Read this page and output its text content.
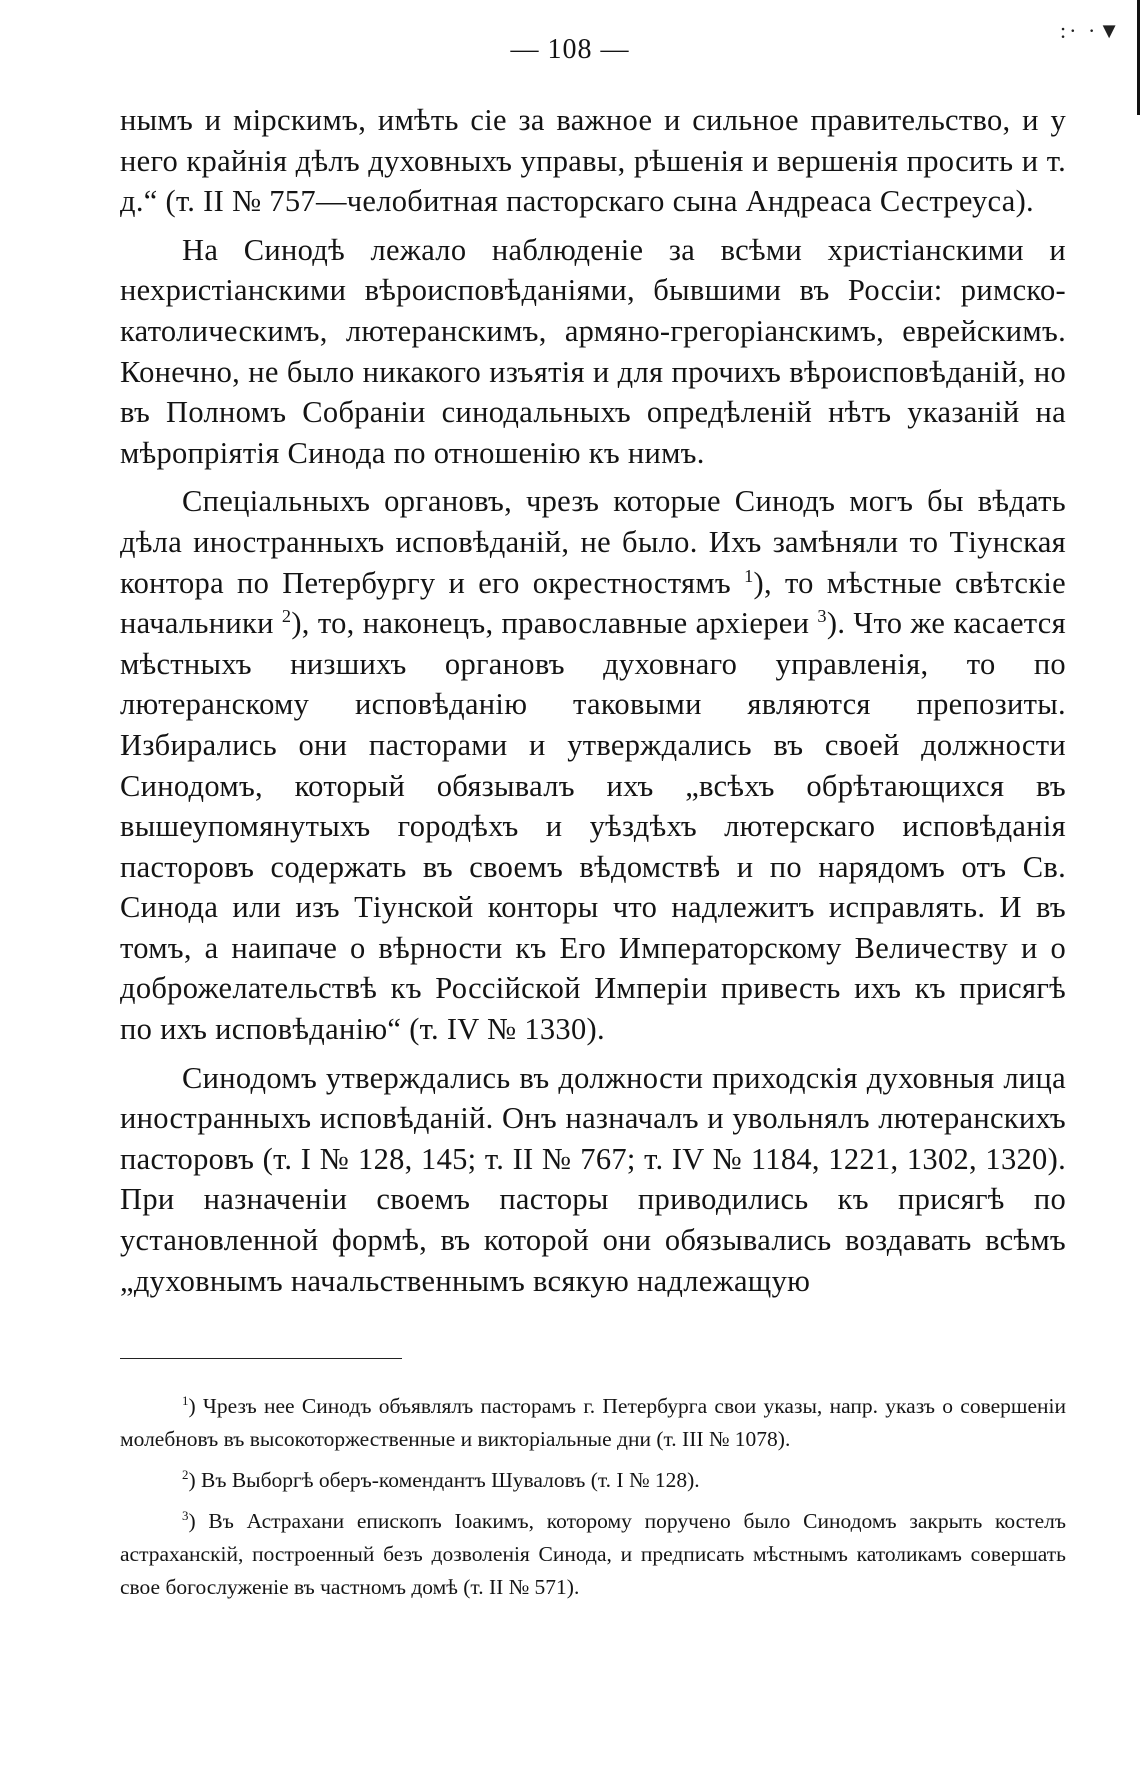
:· ·▼
— 108 —

нымъ и мірскимъ, имѣть сіе за важное и сильное правительство, и у него крайнія дѣлъ духовныхъ управы, рѣшенія и вершенія просить и т. д.“ (т. II № 757—челобитная пасторскаго сына Андреаса Сестреуса).

На Синодѣ лежало наблюденіе за всѣми христіанскими и нехристіанскими вѣроисповѣданіями, бывшими въ Россіи: римско-католическимъ, лютеранскимъ, армяно-грегоріанскимъ, еврейскимъ. Конечно, не было никакого изъятія и для прочихъ вѣроисповѣданій, но въ Полномъ Собраніи синодальныхъ опредѣленій нѣтъ указаній на мѣропріятія Синода по отношенію къ нимъ.

Спеціальныхъ органовъ, чрезъ которые Синодъ могъ бы вѣдать дѣла иностранныхъ исповѣданій, не было. Ихъ замѣняли то Тіунская контора по Петербургу и его окрестностямъ $^1$), то мѣстные свѣтскіе начальники $^2$), то, наконецъ, православные архіереи $^3$). Что же касается мѣстныхъ низшихъ органовъ духовнаго управленія, то по лютеранскому исповѣданію таковыми являются препозиты. Избирались они пасторами и утверждались въ своей должности Синодомъ, который обязывалъ ихъ „всѣхъ обрѣтающихся въ вышеупомянутыхъ городѣхъ и уѣздѣхъ лютерскаго исповѣданія пасторовъ содержать въ своемъ вѣдомствѣ и по нарядомъ отъ Св. Синода или изъ Тіунской конторы что надлежитъ исправлять. И въ томъ, а наипаче о вѣрности къ Его Императорскому Величеству и о доброжелательствѣ къ Россійской Имперіи привесть ихъ къ присягѣ по ихъ исповѣданію“ (т. IV № 1330).

Синодомъ утверждались въ должности приходскія духовныя лица иностранныхъ исповѣданій. Онъ назначалъ и увольнялъ лютеранскихъ пасторовъ (т. I № 128, 145; т. II № 767; т. IV № 1184, 1221, 1302, 1320). При назначеніи своемъ пасторы приводились къ присягѣ по установленной формѣ, въ которой они обязывались воздавать всѣмъ „духовнымъ начальственнымъ всякую надлежащую

$^1$) Чрезъ нее Синодъ объявлялъ пасторамъ г. Петербурга свои указы, напр. указъ о совершеніи молебновъ въ высокоторжественные и викторіальные дни (т. III № 1078).

$^2$) Въ Выборгѣ оберъ-комендантъ Шуваловъ (т. I № 128).

$^3$) Въ Астрахани епископъ Іоакимъ, которому поручено было Синодомъ закрыть костелъ астраханскій, построенный безъ дозволенія Синода, и предписать мѣстнымъ католикамъ совершать свое богослуженіе въ частномъ домѣ (т. II № 571).
